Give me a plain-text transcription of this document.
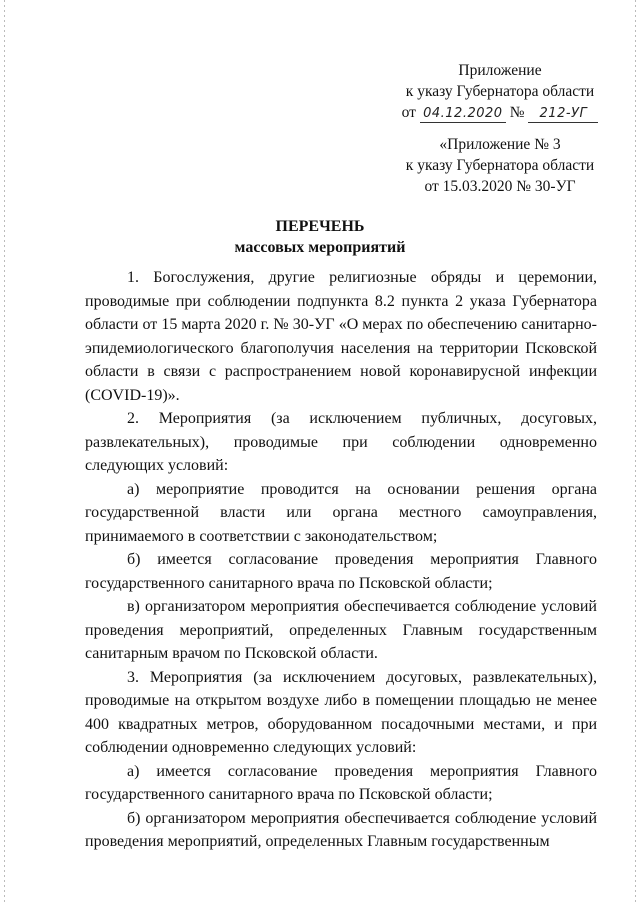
Приложение
к указу Губернатора области
от 04.12.2020 № 212-УГ
«Приложение № 3
к указу Губернатора области
от 15.03.2020 № 30-УГ
ПЕРЕЧЕНЬ
массовых мероприятий

1. Богослужения, другие религиозные обряды и церемонии, проводимые при соблюдении подпункта 8.2 пункта 2 указа Губернатора области от 15 марта 2020 г. № 30-УГ «О мерах по обеспечению санитарно-эпидемиологического благополучия населения на территории Псковской области в связи с распространением новой коронавирусной инфекции (COVID-19)».

2. Мероприятия (за исключением публичных, досуговых, развлекательных), проводимые при соблюдении одновременно следующих условий:

а) мероприятие проводится на основании решения органа государственной власти или органа местного самоуправления, принимаемого в соответствии с законодательством;

б) имеется согласование проведения мероприятия Главного государственного санитарного врача по Псковской области;

в) организатором мероприятия обеспечивается соблюдение условий проведения мероприятий, определенных Главным государственным санитарным врачом по Псковской области.

3. Мероприятия (за исключением досуговых, развлекательных), проводимые на открытом воздухе либо в помещении площадью не менее 400 квадратных метров, оборудованном посадочными местами, и при соблюдении одновременно следующих условий:

а) имеется согласование проведения мероприятия Главного государственного санитарного врача по Псковской области;

б) организатором мероприятия обеспечивается соблюдение условий проведения мероприятий, определенных Главным государственным
